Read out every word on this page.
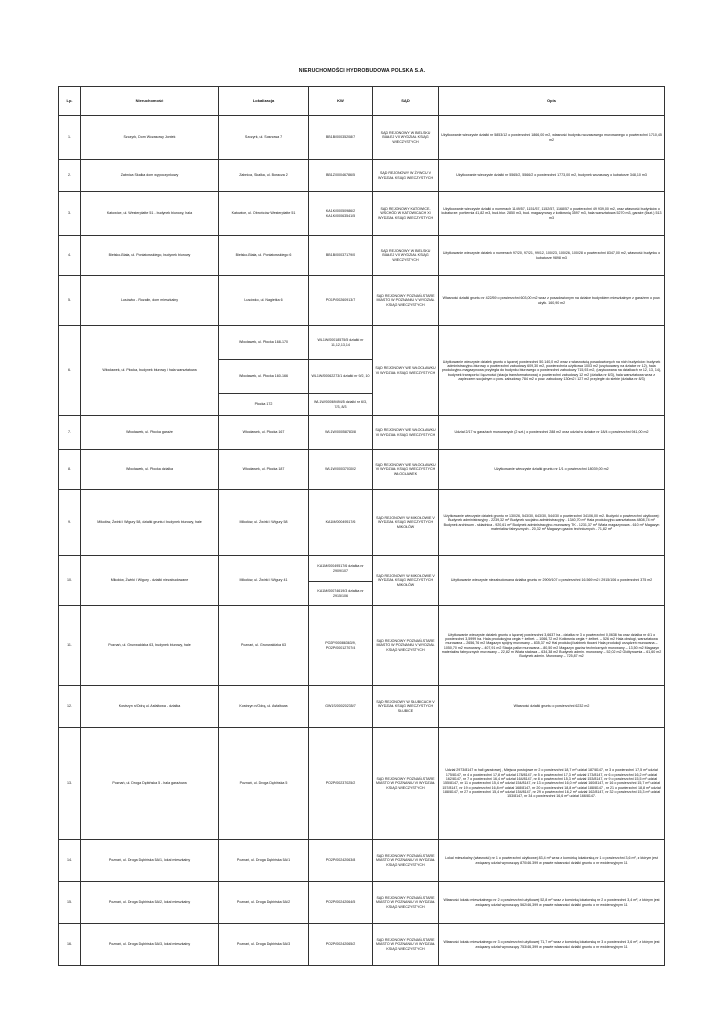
NIERUCHOMOŚCI HYDROBUDOWA POLSKA S.A.
Lp.	Nieruchomość	Lokalizacja	KW	SĄD	Opis
1.	Szczyrk, Dom Wczasowy Jontek	Szczyrk, ul. Sosnowa 7	BB1B/00035208/7	SĄD REJONOWY W BIELSKU BIAŁEJ VII WYDZIAŁ KSIĄG WIECZYSTYCH	Użytkowanie wieczyste działki nr 5853/12 o powierzchni 1866,00 m2, własność budynku wczasowego murowanego o powierzchni 1710,45 m2
2.	Zabnica Skalka dom wypoczynkowy	Zabnica, Skalka, ul. Boracza 2	BB1Z/00046786/5	SĄD REJONOWY W ŻYWCU V WYDZIAŁ KSIĄG WIECZYSTYCH	Użytkowanie wieczyste działki nr 5565/2, 5566/2 o powierzchni 1773,00 m2, budynek wczasowy o kubaturze 348,10 m3
3.	Katowice, ul. Westerplatte 51 - budynek biurowy, hala	Katowice, ul. Obrońców Westerplatte 51	KA1K/00050986/2 KA1K/00063541/5	SĄD REJONOWY KATOWICE-WSCHÓD W KATOWICACH XI WYDZIAŁ KSIĄG WIECZYSTYCH	Użytkowanie wieczyste działki o numerach 1149/57, 1151/57, 1152/57, 1168/57 o powierzchni 49 939,00 m2, oraz własność budynków o kubaturze: portiernia 41,82 m3, bud.biur. 2850 m3, bud. magazynowy z kotłownią 3597 m3, hala warsztatowa 5270 m3, garaże (6szt.) 513 m3
4.	Bielsko-Biała, ul. Poniatowskiego, budynek biurowy	Bielsko-Biała, ul. Poniatowskiego 6	BB1B/00037179/0	SĄD REJONOWY W BIELSKU BIAŁEJ VII WYDZIAŁ KSIĄG WIECZYSTYCH	Użytkowanie wieczyste działek o numerach 97/20, 97/21, 99/12, 100/23, 100/26, 100/28 o powierzchni 8347,00 m2, własność budynku o kubaturze 9898 m3
5.	Lusówko - Rozalin, dom mieszkalny	Lusówko, ul. Nagietka 6	PO1P/00260913/7	SĄD REJONOWY POZNAŃ-STARE MIASTO W POZNANIU V WYDZIAŁ KSIĄG WIECZYSTYCH	Własność działki gruntu nr 422/59 o powierzchni 603,00 m2 wraz z posadowionym na działce budynkiem mieszkalnym z garażem o pow. użytk. 160,90 m2
6.	Włocławek, ul. Płocka, budynek biurowy i hala warsztatowa	Włocławek, ul. Płocka 168-170	WL1W/00018575/5 działki nr 11,12,13,14	SĄD REJONOWY WE WŁOCŁAWKU VI WYDZIAŁ KSIĄG WIECZYSTYCH	Użytkowanie wieczyste działek gruntu o łącznej powierzchni 50.140,0 m2 wraz z własnością posadowionych na nich budynków: budynek administracyjno-biurowy o powierzchni zabudowy 609,30 m2, powierzchnia użytkowa 1003 m2 (usytuowany na działce nr 12), hala produkcyjno-magazynowa przyległa do budynku biurowego o powierzchni zabudowy 715,93 m2, (usytuowana na działkach nr 12, 13, 14), budynek transportu i łączności (stacja transformatorowa) o powierzchni zabudowy 12 m2 (działka nr 6/3), hala warsztatowa wraz z zapleczem socjalnym o pow. zabudowy 784 m2 o pow. zabudowy 130m2 i 127 m2 przyległe do siebie (działka nr 8/3)
		Włocławek, ul. Płocka 160-166	WL1W/00062273/1 działki nr 9/2, 10		
		Płocka 172	WL1W/00069494/5 działki nr 6/3, 7/3, 8/3		
7.	Włocławek, ul. Płocka garaże	Włocławek, ul. Płocka 167	WL1W/00058783/8	SĄD REJONOWY WE WŁOCŁAWKU VI WYDZIAŁ KSIĄG WIECZYSTYCH	Udział 2/17 w garażach murowanych (2 szt.) o powierzchni 288 m2 oraz udział w działce nr 18/4 o powierzchni 941,00 m2
8.	Włocławek, ul. Płocka działka	Włocławek, ul. Płocka 187	WL1W/00037030/2	SĄD REJONOWY WE WŁOCŁAWKU VI WYDZIAŁ KSIĄG WIECZYSTYCH WŁOCŁAWEK	Użytkowanie wieczyste działki gruntu nr 1/1 o powierzchni 18039,00 m2
9.	Mikołów, Żwirki i Wigury 58, działki gruntu i budynek biurowy, hale	Mikołów, ul. Żwirki i Wigury 58	KA1M/00049517/6	SĄD REJONOWY W MIKOŁOWIE V WYDZIAŁ KSIĄG WIECZYSTYCH MIKOŁÓW	Użytkowanie wieczyste działek gruntu nr 130/26, 543/30, 643/30, 544/30 o powierzchni 34106,00 m2. Budynki o powierzchni użytkowej: Budynek administracyjny - 2239,32 m² Budynek socjalno-administracyjny - 1340,70 m² Hala produkcyjno-warsztatowa 4808,74 m² Budynek archiwum - składnica - 920,61 m² Budynek administracyjno-murowany TK - 1231,37 m² Wiata magazynowa - 610 m² Magazyn materiałów fabrycznych - 20,32 m² Magazyn gazów technicznych - 71,82 m²
10.	Mikołów, Żwirki i Wigury - działki niezabudowane	Mikołów, ul. Żwirki i Wigury 41	KA1M/00049517/6 działka nr 2909/107	SĄD REJONOWY W MIKOŁOWIE V WYDZIAŁ KSIĄG WIECZYSTYCH MIKOŁÓW	Użytkowanie wieczyste niezabudowana działka gruntu nr 2909/107 o powierzchni 16.569 m2 i 2915/106 o powierzchni 375 m2
			KA1M/00074619/3 działka nr 2915/106		
11.	Poznań, ul. Grunwaldzka 63, budynek biurowy, hale	Poznań, ul. Grunwaldzka 63	PO2P/00086363/9, PO2P/00012707/4	SĄD REJONOWY POZNAŃ-STARE MIASTO W POZNANIU V WYDZIAŁ KSIĄG WIECZYSTYCH	Użytkowanie wieczyste działek gruntu o łącznej powierzchni 3,6637 ha - działka nr 3 o powierzchni 0,0638 ha oraz działka nr 4/1 o powierzchni 3,5999 ha. Hala produkcyjna cegła + żelbet. – 1066,72 m2 Kotłownia cegła + żelbet. – 526 m2 Hala obsługi, warsztatowa murowana – 2656,76 m2 Magazyn spójny murowany – 835,37 m2 Hal produkcji kabinek tłoczni Hala produkcji urządzeń murowana – 1050,70 m2 murowany – 407,91 m2 Stacja paliw murowana – 80,50 m2 Magazyn gazów technicznych murowany – 13,50 m2 Magazyn materiałów fabrycznych murowany – 22,82 m Wiata stalowa – 634,38 m2 Budynek admin. murowany – 52,02 m2 Glółtyrownia – 61,60 m2 Budynek admin. Murowany – 725,87 m2
12.	Kostrzyn n/Odrą ul. Asfaltowa - działka	Kostrzyn n/Odrą, ul. Asfaltowa	GW1S/00020235/7	SĄD REJONOWY W SŁUBICACH V WYDZIAŁ KSIĄG WIECZYSTYCH SŁUBICE	Własność działki gruntu o powierzchni 6232 m2
13.	Poznań, ul. Droga Dębińska 5 - hala garażowa	Poznań, ul. Droga Dębińska 5	PO2P/00237025/2	SĄD REJONOWY POZNAŃ-STARE MIASTO W POZNANIU VI WYDZIAŁ KSIĄG WIECZYSTYCH	Udział 2973/8147 w hali garażowej , Miejsca postojowe nr 2 o powierzchni 18,7 m² udział 187/8147, nr 3 o powierzchni 17,5 m² udział 175/8147, nr 4 o powierzchni 17,8 m² udział 178/8147, nr 5 o powierzchni 17,3 m² udział 173/8147, nr 6 o powierzchni 16,2 m² udział 162/8147, nr 7 o powierzchni 16,4 m² udział 164/8147, nr 8 o powierzchni 15,3 m² udział 153/8147, nr 9 o powierzchni 15,5 m² udział 155/8147, nr 11 o powierzchni 15,4 m² udział 154/8147, nr 13 o powierzchni 16,0 m² udział 160/8147, nr 16 o powierzchni 15,7 m² udział 157/8147, nr 19 o powierzchni 16,8 m² udział 168/8147, nr 20 o powierzchni 18,8 m² udział 188/8147 , nr 21 o powierzchni 18,8 m² udział 188/8147, nr 27 o powierzchni 15,4 m² udział 154/8147, nr 29 o powierzchni 16,2 m² udział 162/8147, nr 32 o powierzchni 15,3 m² udział 153/8147, nr 34 o powierzchni 16,6 m² udział 166/8147.
14.	Poznań, ul. Droga Dębińska 5A/1, lokal mieszkalny	Poznań, ul. Droga Dębińska 5A/1	PO2P/00242063/8	SĄD REJONOWY POZNAŃ-STARE MIASTO W POZNANIU VI WYDZIAŁ KSIĄG WIECZYSTYCH	Lokal mieszkalny (własność) nr 1 o powierzchni użytkowej 83,4 m² wraz z komórką lokatorską nr 1 o powierzchni 3,6 m², z którym jest związany udział wynoszący 870/46.399 w prawie własności działki gruntu o nr ewidencyjnym 11
15.	Poznań, ul. Droga Dębińska 5A/2, lokal mieszkalny	Poznań, ul. Droga Dębińska 5A/2	PO2P/00242064/5	SĄD REJONOWY POZNAŃ-STARE MIASTO W POZNANIU VI WYDZIAŁ KSIĄG WIECZYSTYCH	Własność lokalu mieszkalnego nr 2 o powierzchni użytkowej 52,8 m² wraz z komórką lokatorską nr 2 o powierzchni 3,4 m², z którym jest związany udział wynoszący 562/46,399 w prawie własności działki gruntu o nr ewidencyjnym 11
16.	Poznań, ul. Droga Dębińska 5A/3, lokal mieszkalny	Poznań, ul. Droga Dębińska 5A/3	PO2P/00242065/2	SĄD REJONOWY POZNAŃ-STARE MIASTO W POZNANIU VI WYDZIAŁ KSIĄG WIECZYSTYCH	Własność lokalu mieszkalnego nr 3 o powierzchni użytkowej 71,7 m² wraz z komórką lokatorską nr 3 o powierzchni 3,6 m², z którym jest związany udział wynoszący 753/46,399 w prawie własności działki gruntu o nr ewidencyjnym 11
